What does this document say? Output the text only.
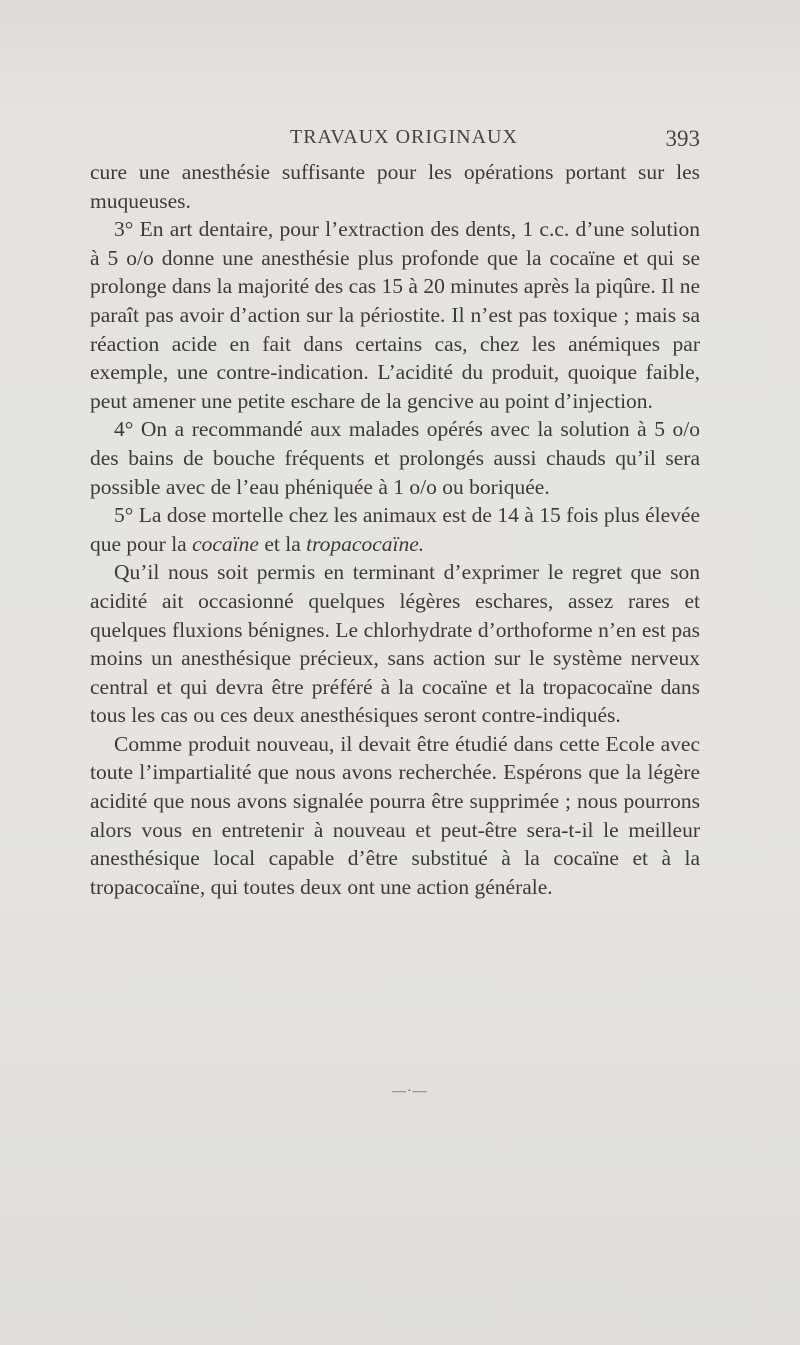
TRAVAUX ORIGINAUX	393

cure une anesthésie suffisante pour les opérations portant sur les muqueuses.

3° En art dentaire, pour l’extraction des dents, 1 c.c. d’une solution à 5 o/o donne une anesthésie plus profonde que la cocaïne et qui se prolonge dans la majorité des cas 15 à 20 minutes après la piqûre. Il ne paraît pas avoir d’action sur la périostite. Il n’est pas toxique ; mais sa réaction acide en fait dans certains cas, chez les anémiques par exemple, une contre-indication. L’acidité du produit, quoique faible, peut amener une petite eschare de la gencive au point d’injection.

4° On a recommandé aux malades opérés avec la solution à 5 o/o des bains de bouche fréquents et prolongés aussi chauds qu’il sera possible avec de l’eau phéniquée à 1 o/o ou boriquée.

5° La dose mortelle chez les animaux est de 14 à 15 fois plus élevée que pour la cocaïne et la tropacocaïne.

Qu’il nous soit permis en terminant d’exprimer le regret que son acidité ait occasionné quelques légères eschares, assez rares et quelques fluxions bénignes. Le chlorhydrate d’orthoforme n’en est pas moins un anesthésique précieux, sans action sur le système nerveux central et qui devra être préféré à la cocaïne et la tropacocaïne dans tous les cas ou ces deux anesthésiques seront contre-indiqués.

Comme produit nouveau, il devait être étudié dans cette Ecole avec toute l’impartialité que nous avons recherchée. Espérons que la légère acidité que nous avons signalée pourra être supprimée ; nous pourrons alors vous en entretenir à nouveau et peut-être sera-t-il le meilleur anesthésique local capable d’être substitué à la cocaïne et à la tropacocaïne, qui toutes deux ont une action générale.

—·—
